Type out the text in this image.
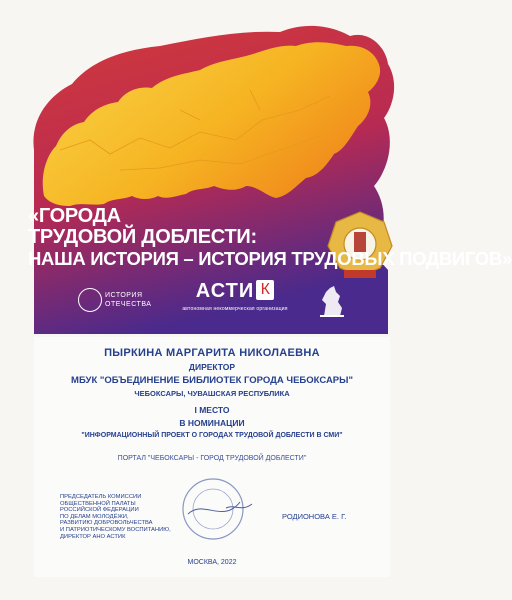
«ГОРОДА
ТРУДОВОЙ ДОБЛЕСТИ:
НАША ИСТОРИЯ – ИСТОРИЯ ТРУДОВЫХ ПОДВИГОВ»
ИСТОРИЯ
ОТЕЧЕСТВА
АСТИ К
автономная некоммерческая организация
ПЫРКИНА МАРГАРИТА НИКОЛАЕВНА
ДИРЕКТОР
МБУК "ОБЪЕДИНЕНИЕ БИБЛИОТЕК ГОРОДА ЧЕБОКСАРЫ"
ЧЕБОКСАРЫ, ЧУВАШСКАЯ РЕСПУБЛИКА
I МЕСТО
В НОМИНАЦИИ
"ИНФОРМАЦИОННЫЙ ПРОЕКТ О ГОРОДАХ ТРУДОВОЙ ДОБЛЕСТИ В СМИ"
ПОРТАЛ "ЧЕБОКСАРЫ - ГОРОД ТРУДОВОЙ ДОБЛЕСТИ"
ПРЕДСЕДАТЕЛЬ КОМИССИИ
ОБЩЕСТВЕННОЙ ПАЛАТЫ
РОССИЙСКОЙ ФЕДЕРАЦИИ
ПО ДЕЛАМ МОЛОДЁЖИ,
РАЗВИТИЮ ДОБРОВОЛЬЧЕСТВА
И ПАТРИОТИЧЕСКОМУ ВОСПИТАНИЮ,
ДИРЕКТОР АНО АСТИК
РОДИОНОВА Е. Г.
МОСКВА, 2022
